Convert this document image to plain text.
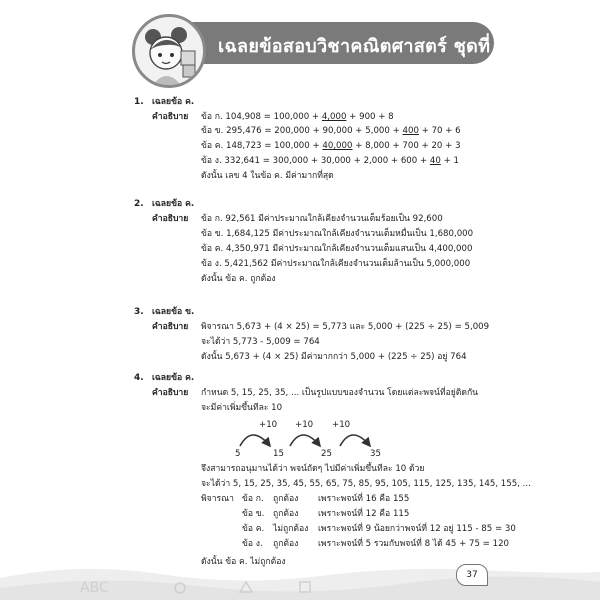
เฉลยข้อสอบวิชาคณิตศาสตร์ ชุดที่ 1
1. เฉลยข้อ ค.
คำอธิบาย ข้อ ก. 104,908 = 100,000 + 4,000 + 900 + 8
ข้อ ข. 295,476 = 200,000 + 90,000 + 5,000 + 400 + 70 + 6
ข้อ ค. 148,723 = 100,000 + 40,000 + 8,000 + 700 + 20 + 3
ข้อ ง. 332,641 = 300,000 + 30,000 + 2,000 + 600 + 40 + 1
ดังนั้น เลข 4 ในข้อ ค. มีค่ามากที่สุด
2. เฉลยข้อ ค.
คำอธิบาย ข้อ ก. 92,561 มีค่าประมาณใกล้เคียงจำนวนเต็มร้อยเป็น 92,600
ข้อ ข. 1,684,125 มีค่าประมาณใกล้เคียงจำนวนเต็มหมื่นเป็น 1,680,000
ข้อ ค. 4,350,971 มีค่าประมาณใกล้เคียงจำนวนเต็มแสนเป็น 4,400,000
ข้อ ง. 5,421,562 มีค่าประมาณใกล้เคียงจำนวนเต็มล้านเป็น 5,000,000
ดังนั้น ข้อ ค. ถูกต้อง
3. เฉลยข้อ ข.
คำอธิบาย พิจารณา 5,673 + (4 × 25) = 5,773 และ 5,000 + (225 ÷ 25) = 5,009
จะได้ว่า 5,773 - 5,009 = 764
ดังนั้น 5,673 + (4 × 25) มีค่ามากกว่า 5,000 + (225 ÷ 25) อยู่ 764
4. เฉลยข้อ ค.
คำอธิบาย กำหนด 5, 15, 25, 35, ... เป็นรูปแบบของจำนวน โดยแต่ละพจน์ที่อยู่ติดกัน
จะมีค่าเพิ่มขึ้นทีละ 10
+10 +10 +10
5	15	25	35
จึงสามารถอนุมานได้ว่า พจน์ถัดๆ ไปมีค่าเพิ่มขึ้นทีละ 10 ด้วย
จะได้ว่า 5, 15, 25, 35, 45, 55, 65, 75, 85, 95, 105, 115, 125, 135, 145, 155, ...
พิจารณา ข้อ ก. ถูกต้อง เพราะพจน์ที่ 16 คือ 155
ข้อ ข. ถูกต้อง เพราะพจน์ที่ 12 คือ 115
ข้อ ค. ไม่ถูกต้อง เพราะพจน์ที่ 9 น้อยกว่าพจน์ที่ 12 อยู่ 115 - 85 = 30
ข้อ ง. ถูกต้อง เพราะพจน์ที่ 5 รวมกับพจน์ที่ 8 ได้ 45 + 75 = 120
ดังนั้น ข้อ ค. ไม่ถูกต้อง
ABC
37
